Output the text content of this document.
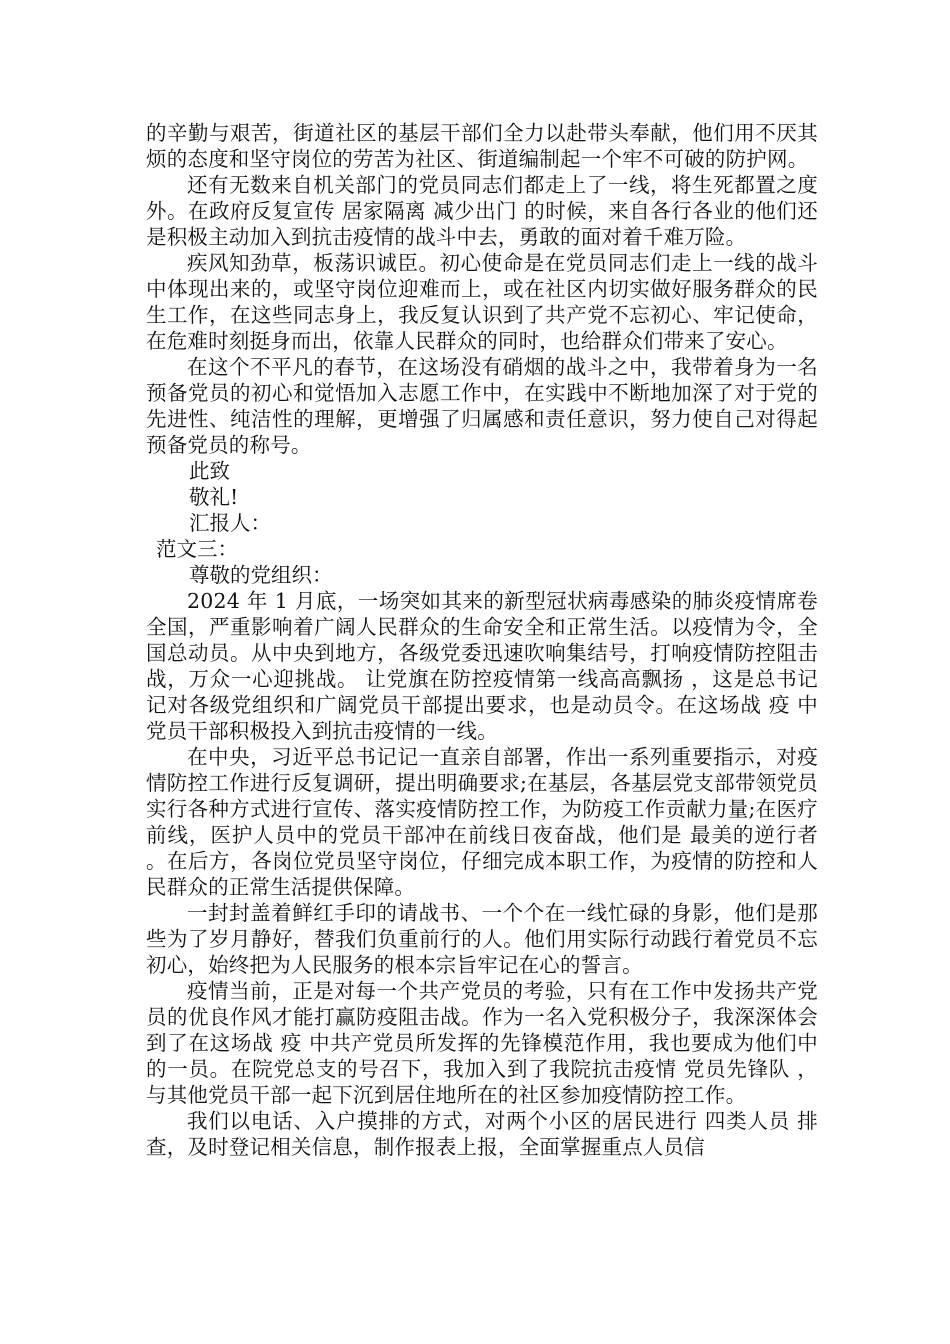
的辛勤与艰苦，街道社区的基层干部们全力以赴带头奉献，他们用不厌其烦的态度和坚守岗位的劳苦为社区、街道编制起一个牢不可破的防护网。

还有无数来自机关部门的党员同志们都走上了一线，将生死都置之度外。在政府反复宣传 居家隔离 减少出门 的时候，来自各行各业的他们还是积极主动加入到抗击疫情的战斗中去，勇敢的面对着千难万险。

疾风知劲草，板荡识诚臣。初心使命是在党员同志们走上一线的战斗中体现出来的，或坚守岗位迎难而上，或在社区内切实做好服务群众的民生工作，在这些同志身上，我反复认识到了共产党不忘初心、牢记使命，在危难时刻挺身而出，依靠人民群众的同时，也给群众们带来了安心。

在这个不平凡的春节，在这场没有硝烟的战斗之中，我带着身为一名预备党员的初心和觉悟加入志愿工作中，在实践中不断地加深了对于党的先进性、纯洁性的理解，更增强了归属感和责任意识，努力使自己对得起预备党员的称号。

此致

敬礼!

汇报人：

范文三：

尊敬的党组织：

2024 年 1 月底，一场突如其来的新型冠状病毒感染的肺炎疫情席卷全国，严重影响着广阔人民群众的生命安全和正常生活。以疫情为令，全国总动员。从中央到地方，各级党委迅速吹响集结号，打响疫情防控阻击战，万众一心迎挑战。 让党旗在防控疫情第一线高高飘扬 ，这是总书记记对各级党组织和广阔党员干部提出要求，也是动员令。在这场战 疫 中党员干部积极投入到抗击疫情的一线。

在中央，习近平总书记记一直亲自部署，作出一系列重要指示，对疫情防控工作进行反复调研，提出明确要求;在基层，各基层党支部带领党员实行各种方式进行宣传、落实疫情防控工作，为防疫工作贡献力量;在医疗前线，医护人员中的党员干部冲在前线日夜奋战，他们是 最美的逆行者 。在后方，各岗位党员坚守岗位，仔细完成本职工作，为疫情的防控和人民群众的正常生活提供保障。

一封封盖着鲜红手印的请战书、一个个在一线忙碌的身影，他们是那些为了岁月静好，替我们负重前行的人。他们用实际行动践行着党员不忘初心，始终把为人民服务的根本宗旨牢记在心的誓言。

疫情当前，正是对每一个共产党员的考验，只有在工作中发扬共产党员的优良作风才能打赢防疫阻击战。作为一名入党积极分子，我深深体会到了在这场战 疫 中共产党员所发挥的先锋模范作用，我也要成为他们中的一员。在院党总支的号召下，我加入到了我院抗击疫情 党员先锋队 ，与其他党员干部一起下沉到居住地所在的社区参加疫情防控工作。

我们以电话、入户摸排的方式，对两个小区的居民进行 四类人员 排查，及时登记相关信息，制作报表上报，全面掌握重点人员信
